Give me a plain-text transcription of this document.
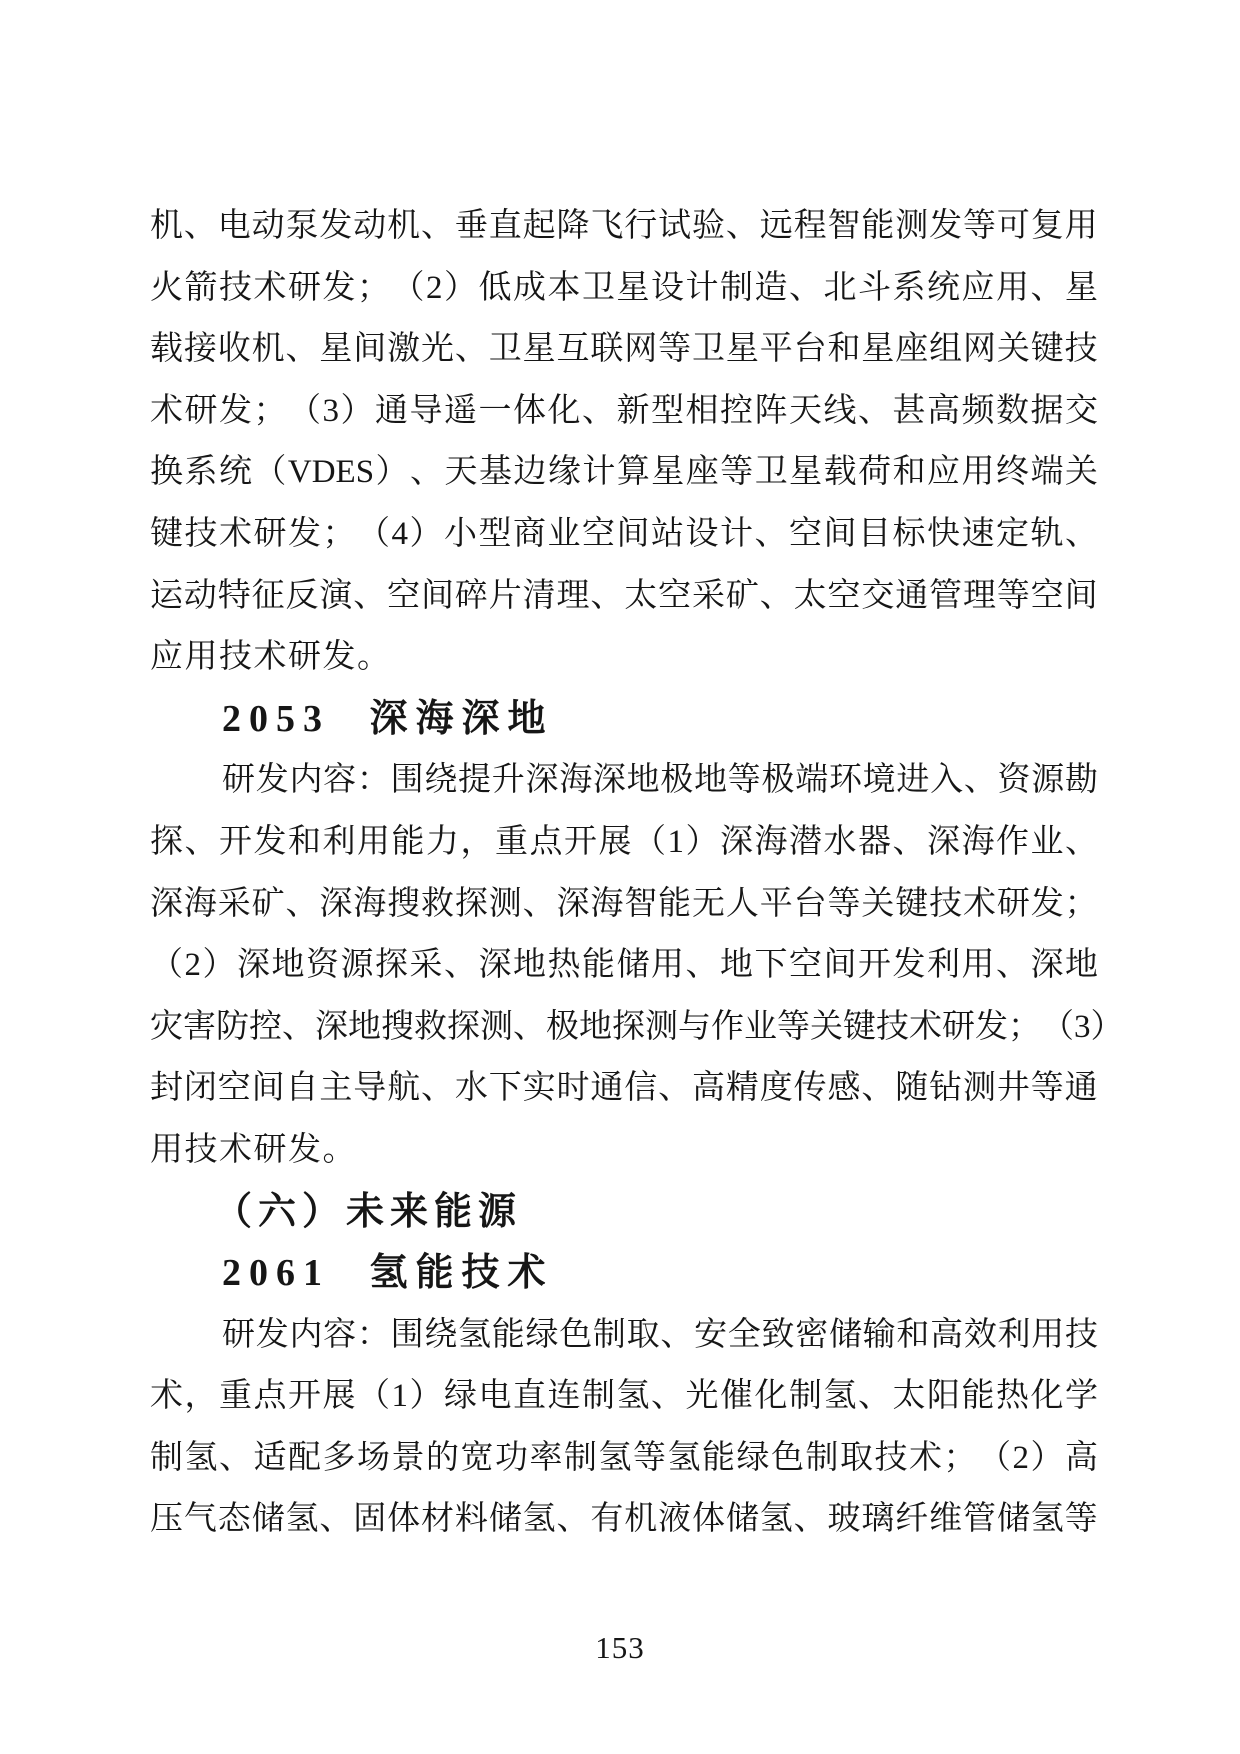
机 、 电 动 泵 发 动 机 、 垂 直 起 降 飞 行 试 验 、 远 程 智 能 测 发 等 可 复 用
火 箭 技 术 研 发 ； （ 2 ） 低 成 本 卫 星 设 计 制 造 、 北 斗 系 统 应 用 、 星
载 接 收 机 、 星 间 激 光 、 卫 星 互 联 网 等 卫 星 平 台 和 星 座 组 网 关 键 技
术 研 发 ； （ 3 ） 通 导 遥 一 体 化 、 新 型 相 控 阵 天 线 、 甚 高 频 数 据 交
换 系 统 （ VDES ） 、 天 基 边 缘 计 算 星 座 等 卫 星 载 荷 和 应 用 终 端 关
键 技 术 研 发 ； （ 4 ） 小 型 商 业 空 间 站 设 计 、 空 间 目 标 快 速 定 轨 、
运 动 特 征 反 演 、 空 间 碎 片 清 理 、 太 空 采 矿 、 太 空 交 通 管 理 等 空 间
应用技术研发。
2053 深海深地
研 发 内 容 ： 围 绕 提 升 深 海 深 地 极 地 等 极 端 环 境 进 入 、 资 源 勘
探 、 开 发 和 利 用 能 力 ， 重 点 开 展 （ 1 ） 深 海 潜 水 器 、 深 海 作 业 、
深 海 采 矿 、 深 海 搜 救 探 测 、 深 海 智 能 无 人 平 台 等 关 键 技 术 研 发 ；
（ 2 ） 深 地 资 源 探 采 、 深 地 热 能 储 用 、 地 下 空 间 开 发 利 用 、 深 地
灾 害 防 控 、 深 地 搜 救 探 测 、 极 地 探 测 与 作 业 等 关 键 技 术 研 发 ； （ 3 ）
封 闭 空 间 自 主 导 航 、 水 下 实 时 通 信 、 高 精 度 传 感 、 随 钻 测 井 等 通
用技术研发。
（六）未来能源
2061 氢能技术
研 发 内 容 ： 围 绕 氢 能 绿 色 制 取 、 安 全 致 密 储 输 和 高 效 利 用 技
术 ， 重 点 开 展 （ 1 ） 绿 电 直 连 制 氢 、 光 催 化 制 氢 、 太 阳 能 热 化 学
制 氢 、 适 配 多 场 景 的 宽 功 率 制 氢 等 氢 能 绿 色 制 取 技 术 ； （ 2 ） 高
压 气 态 储 氢 、 固 体 材 料 储 氢 、 有 机 液 体 储 氢 、 玻 璃 纤 维 管 储 氢 等
153
